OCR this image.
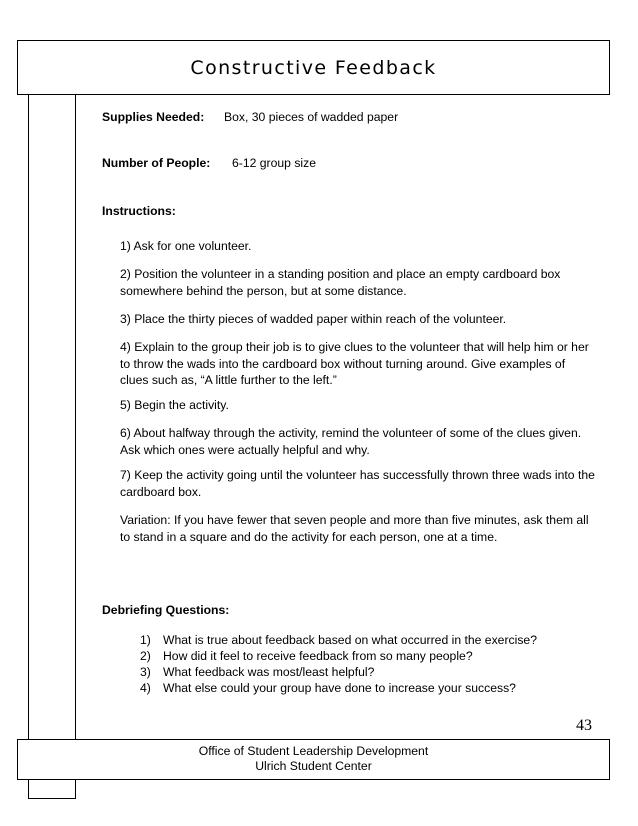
Constructive Feedback
Supplies Needed: Box, 30 pieces of wadded paper
Number of People: 6-12 group size
Instructions:
1) Ask for one volunteer.
2) Position the volunteer in a standing position and place an empty cardboard box somewhere behind the person, but at some distance.
3) Place the thirty pieces of wadded paper within reach of the volunteer.
4) Explain to the group their job is to give clues to the volunteer that will help him or her to throw the wads into the cardboard box without turning around. Give examples of clues such as, “A little further to the left.”
5) Begin the activity.
6) About halfway through the activity, remind the volunteer of some of the clues given. Ask which ones were actually helpful and why.
7) Keep the activity going until the volunteer has successfully thrown three wads into the cardboard box.
Variation: If you have fewer that seven people and more than five minutes, ask them all to stand in a square and do the activity for each person, one at a time.
Debriefing Questions:
1) What is true about feedback based on what occurred in the exercise?
2) How did it feel to receive feedback from so many people?
3) What feedback was most/least helpful?
4) What else could your group have done to increase your success?
43
Office of Student Leadership Development
Ulrich Student Center
